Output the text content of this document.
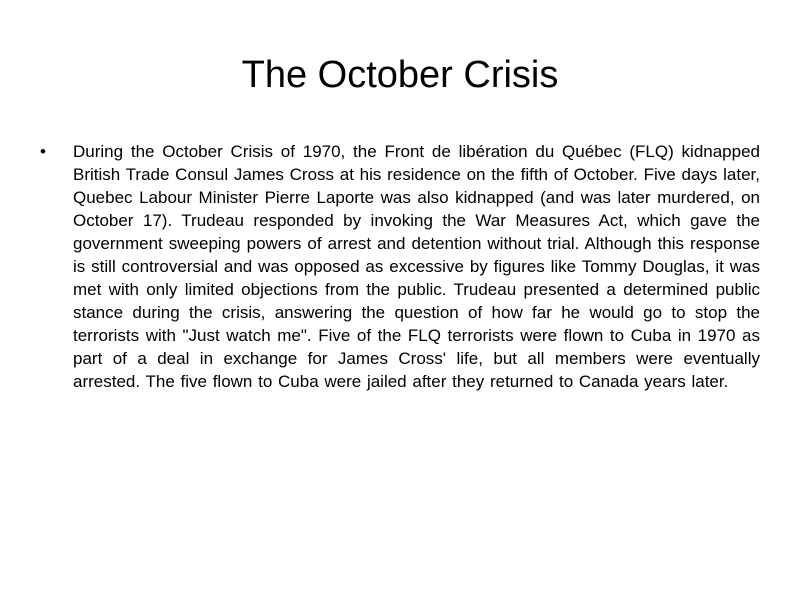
The October Crisis
• During the October Crisis of 1970, the Front de libération du Québec (FLQ) kidnapped British Trade Consul James Cross at his residence on the fifth of October. Five days later, Quebec Labour Minister Pierre Laporte was also kidnapped (and was later murdered, on October 17). Trudeau responded by invoking the War Measures Act, which gave the government sweeping powers of arrest and detention without trial. Although this response is still controversial and was opposed as excessive by figures like Tommy Douglas, it was met with only limited objections from the public. Trudeau presented a determined public stance during the crisis, answering the question of how far he would go to stop the terrorists with "Just watch me". Five of the FLQ terrorists were flown to Cuba in 1970 as part of a deal in exchange for James Cross' life, but all members were eventually arrested. The five flown to Cuba were jailed after they returned to Canada years later.
